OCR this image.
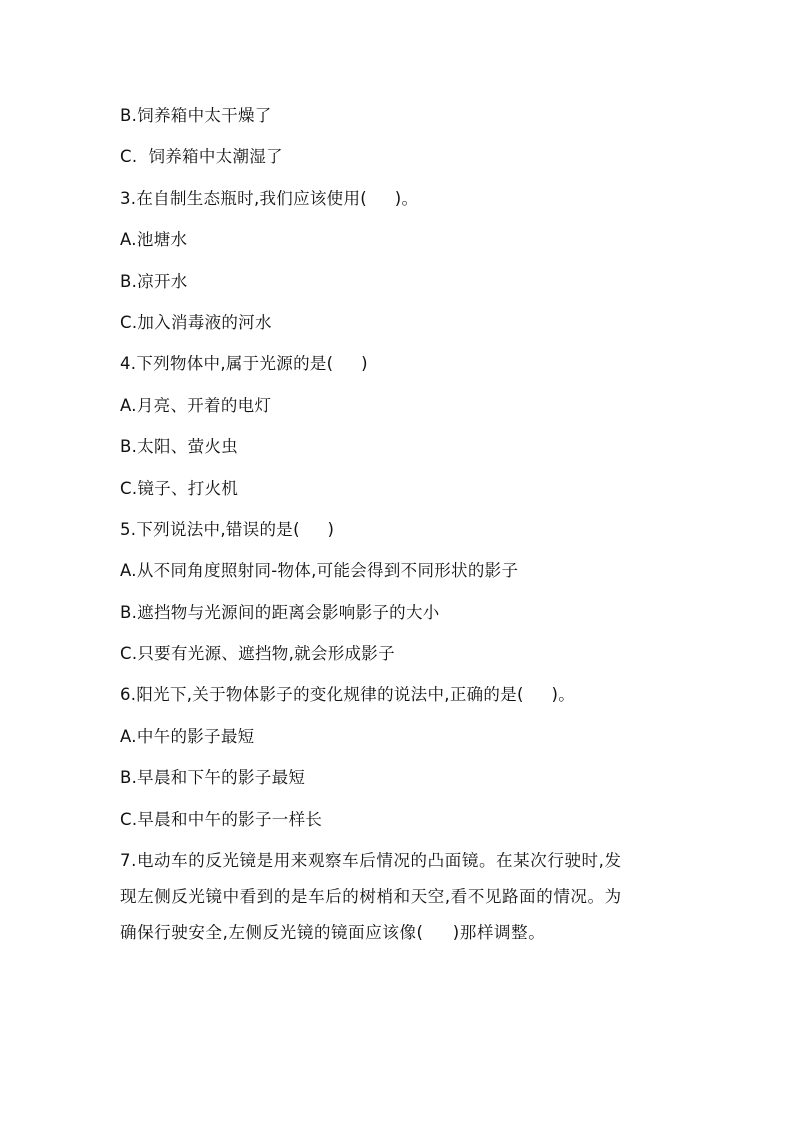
B.饲养箱中太干燥了
C.  饲养箱中太潮湿了
3.在自制生态瓶时,我们应该使用(     )。
A.池塘水
B.凉开水
C.加入消毒液的河水
4.下列物体中,属于光源的是(     )
A.月亮、开着的电灯
B.太阳、萤火虫
C.镜子、打火机
5.下列说法中,错误的是(     )
A.从不同角度照射同-物体,可能会得到不同形状的影子
B.遮挡物与光源间的距离会影响影子的大小
C.只要有光源、遮挡物,就会形成影子
6.阳光下,关于物体影子的变化规律的说法中,正确的是(     )。
A.中午的影子最短
B.早晨和下午的影子最短
C.早晨和中午的影子一样长
7.电动车的反光镜是用来观察车后情况的凸面镜。在某次行驶时,发
现左侧反光镜中看到的是车后的树梢和天空,看不见路面的情况。为
确保行驶安全,左侧反光镜的镜面应该像(     )那样调整。
